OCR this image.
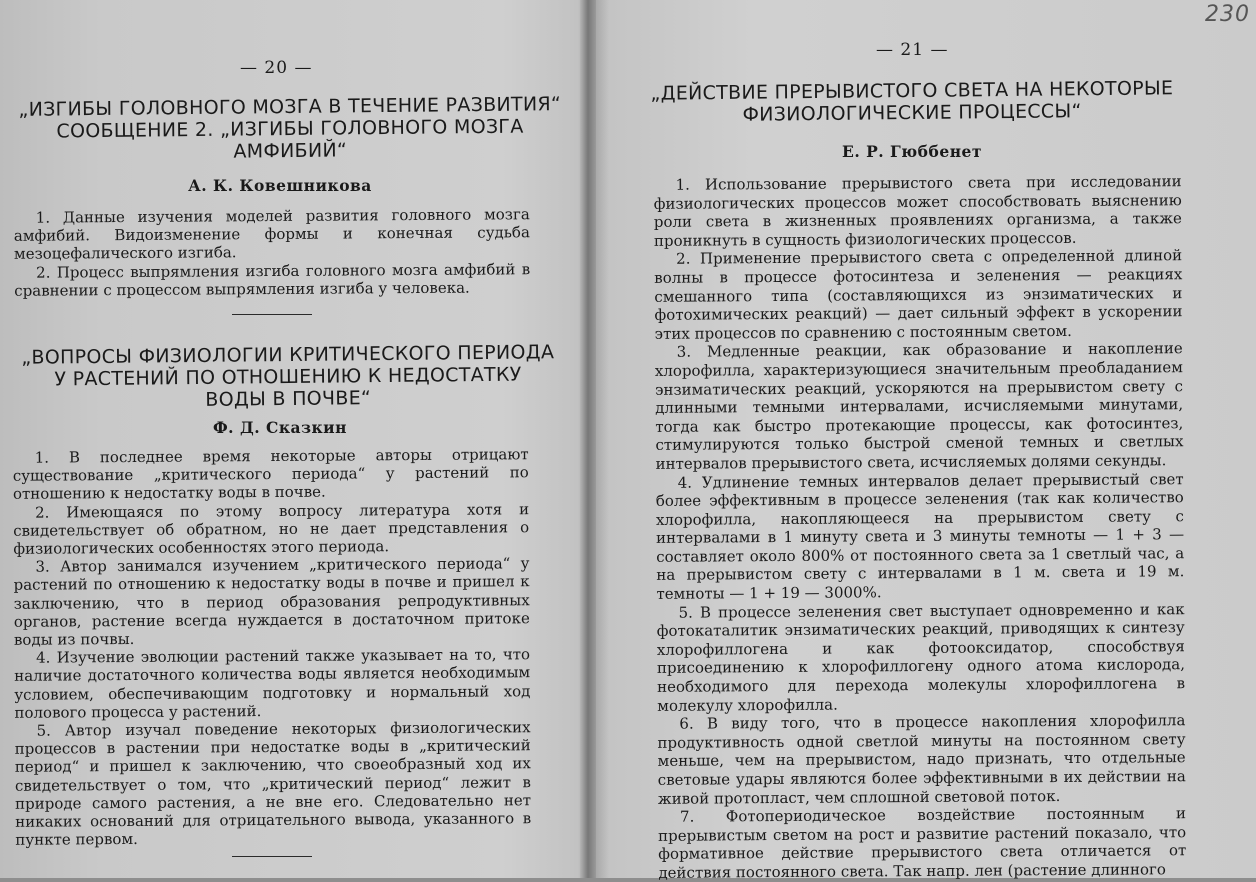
— 20 —
„ИЗГИБЫ ГОЛОВНОГО МОЗГА В ТЕЧЕНИЕ РАЗВИТИЯ“
СООБЩЕНИЕ 2. „ИЗГИБЫ ГОЛОВНОГО МОЗГА
АМФИБИЙ“
А. К. Ковешникова

1. Данные изучения моделей развития головного мозга амфибий. Видоизменение формы и конечная судьба мезоцефалического изгиба.

2. Процесс выпрямления изгиба головного мозга амфибий в сравнении с процессом выпрямления изгиба у человека.

„ВОПРОСЫ ФИЗИОЛОГИИ КРИТИЧЕСКОГО ПЕРИОДА
У РАСТЕНИЙ ПО ОТНОШЕНИЮ К НЕДОСТАТКУ
ВОДЫ В ПОЧВЕ“
Ф. Д. Сказкин

1. В последнее время некоторые авторы отрицают существование „критического периода“ у растений по отношению к недостатку воды в почве.

2. Имеющаяся по этому вопросу литература хотя и свидетельствует об обратном, но не дает представления о физиологических особенностях этого периода.

3. Автор занимался изучением „критического периода“ у растений по отношению к недостатку воды в почве и пришел к заключению, что в период образования репродуктивных органов, растение всегда нуждается в достаточном притоке воды из почвы.

4. Изучение эволюции растений также указывает на то, что наличие достаточного количества воды является необходимым условием, обеспечивающим подготовку и нормальный ход полового процесса у растений.

5. Автор изучал поведение некоторых физиологических процессов в растении при недостатке воды в „критический период“ и пришел к заключению, что своеобразный ход их свидетельствует о том, что „критический период“ лежит в природе самого растения, а не вне его. Следовательно нет никаких оснований для отрицательного вывода, указанного в пункте первом.

230
— 21 —
„ДЕЙСТВИЕ ПРЕРЫВИСТОГО СВЕТА НА НЕКОТОРЫЕ
ФИЗИОЛОГИЧЕСКИЕ ПРОЦЕССЫ“
Е. Р. Гюббенет

1. Использование прерывистого света при исследовании физиологических процессов может способствовать выяснению роли света в жизненных проявлениях организма, а также проникнуть в сущность физиологических процессов.

2. Применение прерывистого света с определенной длиной волны в процессе фотосинтеза и зеленения — реакциях смешанного типа (составляющихся из энзиматических и фотохимических реакций) — дает сильный эффект в ускорении этих процессов по сравнению с постоянным светом.

3. Медленные реакции, как образование и накопление хлорофилла, характеризующиеся значительным преобладанием энзиматических реакций, ускоряются на прерывистом свету с длинными темными интервалами, исчисляемыми минутами, тогда как быстро протекающие процессы, как фотосинтез, стимулируются только быстрой сменой темных и светлых интервалов прерывистого света, исчисляемых долями секунды.

4. Удлинение темных интервалов делает прерывистый свет более эффективным в процессе зеленения (так как количество хлорофилла, накопляющееся на прерывистом свету с интервалами в 1 минуту света и 3 минуты темноты — 1 + 3 — составляет около 800% от постоянного света за 1 светлый час, а на прерывистом свету с интервалами в 1 м. света и 19 м. темноты — 1 + 19 — 3000%.

5. В процессе зеленения свет выступает одновременно и как фотокаталитик энзиматических реакций, приводящих к синтезу хлорофиллогена и как фотооксидатор, способствуя присоединению к хлорофиллогену одного атома кислорода, необходимого для перехода молекулы хлорофиллогена в молекулу хлорофилла.

6. В виду того, что в процессе накопления хлорофилла продуктивность одной светлой минуты на постоянном свету меньше, чем на прерывистом, надо признать, что отдельные световые удары являются более эффективными в их действии на живой протопласт, чем сплошной световой поток.

7. Фотопериодическое воздействие постоянным и прерывистым светом на рост и развитие растений показало, что формативное действие прерывистого света отличается от действия постоянного света. Так напр. лен (растение длинного
